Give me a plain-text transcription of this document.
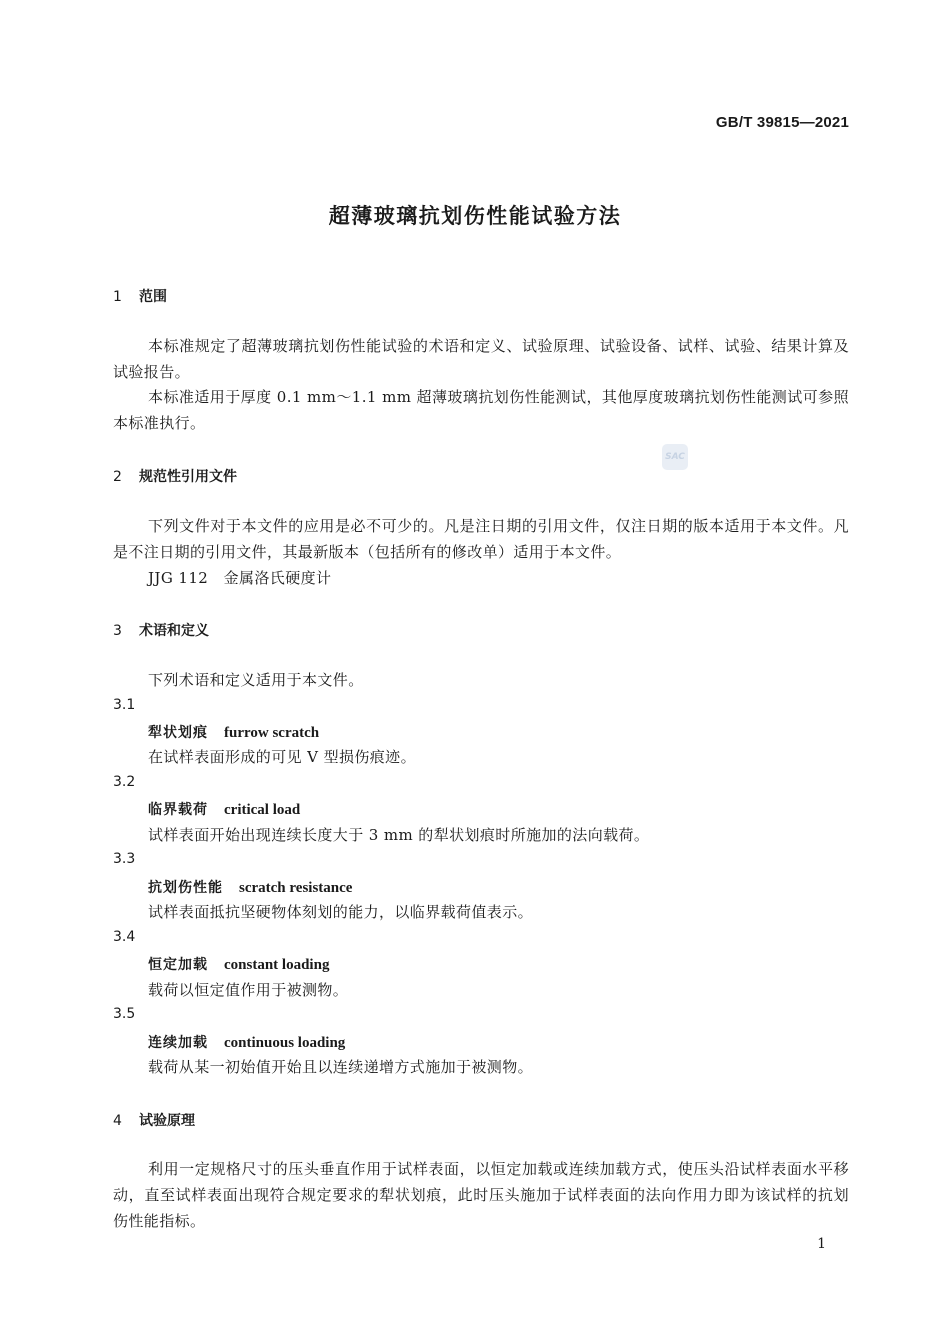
GB/T 39815—2021
超薄玻璃抗划伤性能试验方法
1 范围
本标准规定了超薄玻璃抗划伤性能试验的术语和定义、试验原理、试验设备、试样、试验、结果计算及试验报告。
本标准适用于厚度 0.1 mm～1.1 mm 超薄玻璃抗划伤性能测试，其他厚度玻璃抗划伤性能测试可参照本标准执行。
SAC
2 规范性引用文件
下列文件对于本文件的应用是必不可少的。凡是注日期的引用文件，仅注日期的版本适用于本文件。凡是不注日期的引用文件，其最新版本（包括所有的修改单）适用于本文件。
JJG 112　金属洛氏硬度计
3 术语和定义
下列术语和定义适用于本文件。
3.1
犁状划痕 furrow scratch
在试样表面形成的可见 V 型损伤痕迹。
3.2
临界载荷 critical load
试样表面开始出现连续长度大于 3 mm 的犁状划痕时所施加的法向载荷。
3.3
抗划伤性能 scratch resistance
试样表面抵抗坚硬物体刻划的能力，以临界载荷值表示。
3.4
恒定加载 constant loading
载荷以恒定值作用于被测物。
3.5
连续加载 continuous loading
载荷从某一初始值开始且以连续递增方式施加于被测物。
4 试验原理
利用一定规格尺寸的压头垂直作用于试样表面，以恒定加载或连续加载方式，使压头沿试样表面水平移动，直至试样表面出现符合规定要求的犁状划痕，此时压头施加于试样表面的法向作用力即为该试样的抗划伤性能指标。
1
